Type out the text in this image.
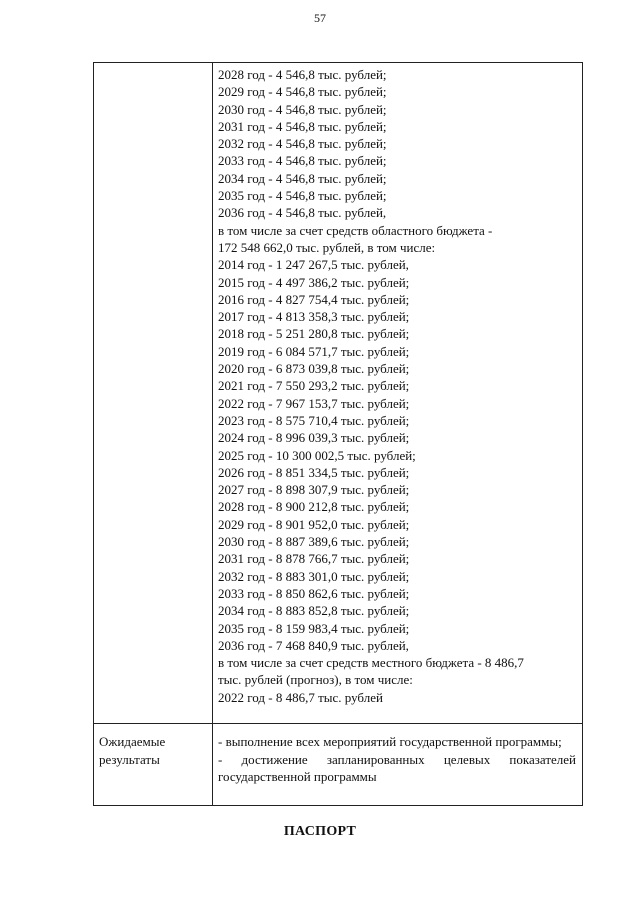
57
2028 год - 4 546,8 тыс. рублей;
2029 год - 4 546,8 тыс. рублей;
2030 год - 4 546,8 тыс. рублей;
2031 год - 4 546,8 тыс. рублей;
2032 год - 4 546,8 тыс. рублей;
2033 год - 4 546,8 тыс. рублей;
2034 год - 4 546,8 тыс. рублей;
2035 год - 4 546,8 тыс. рублей;
2036 год - 4 546,8 тыс. рублей,
в том числе за счет средств областного бюджета -
172 548 662,0 тыс. рублей, в том числе:
2014 год - 1 247 267,5 тыс. рублей,
2015 год - 4 497 386,2 тыс. рублей;
2016 год - 4 827 754,4 тыс. рублей;
2017 год - 4 813 358,3 тыс. рублей;
2018 год - 5 251 280,8 тыс. рублей;
2019 год - 6 084 571,7 тыс. рублей;
2020 год - 6 873 039,8 тыс. рублей;
2021 год - 7 550 293,2 тыс. рублей;
2022 год - 7 967 153,7 тыс. рублей;
2023 год - 8 575 710,4 тыс. рублей;
2024 год - 8 996 039,3 тыс. рублей;
2025 год - 10 300 002,5 тыс. рублей;
2026 год - 8 851 334,5 тыс. рублей;
2027 год - 8 898 307,9 тыс. рублей;
2028 год - 8 900 212,8 тыс. рублей;
2029 год - 8 901 952,0 тыс. рублей;
2030 год - 8 887 389,6 тыс. рублей;
2031 год - 8 878 766,7 тыс. рублей;
2032 год - 8 883 301,0 тыс. рублей;
2033 год - 8 850 862,6 тыс. рублей;
2034 год - 8 883 852,8 тыс. рублей;
2035 год - 8 159 983,4 тыс. рублей;
2036 год - 7 468 840,9 тыс. рублей,
в том числе за счет средств местного бюджета - 8 486,7
тыс. рублей (прогноз), в том числе:
2022 год - 8 486,7 тыс. рублей
Ожидаемые результаты
- выполнение всех мероприятий государственной программы;
- достижение запланированных целевых показателей государственной программы
ПАСПОРТ
